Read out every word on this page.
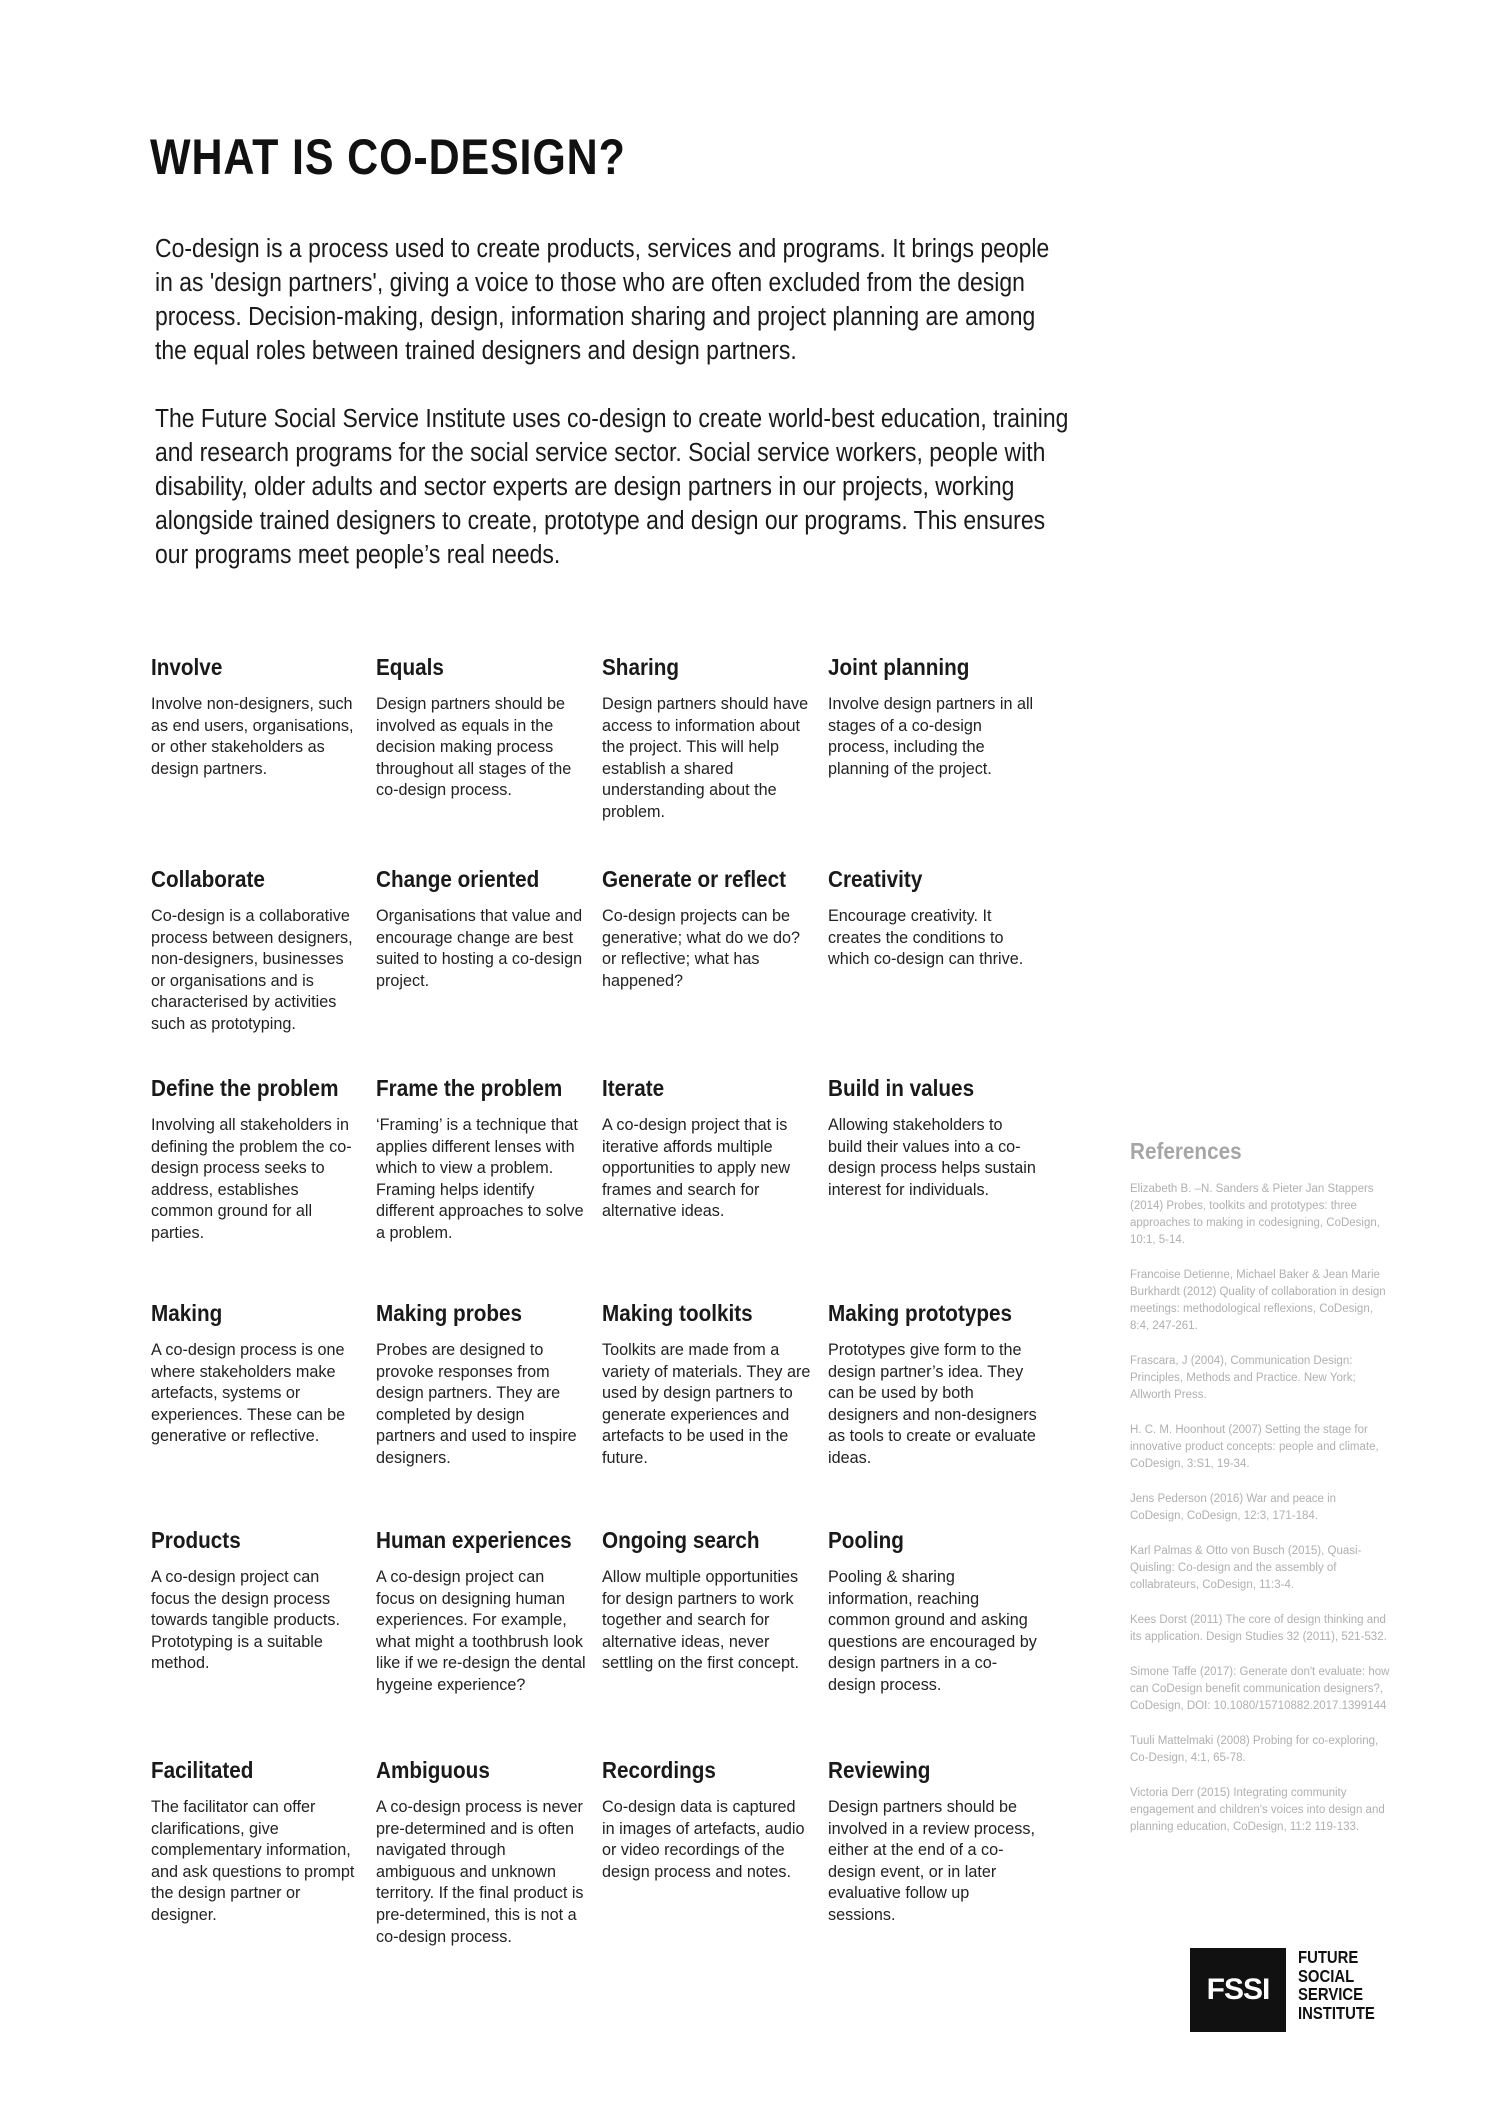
WHAT IS CO-DESIGN?

Co-design is a process used to create products, services and programs. It brings people in as 'design partners', giving a voice to those who are often excluded from the design process. Decision-making, design, information sharing and project planning are among the equal roles between trained designers and design partners.

The Future Social Service Institute uses co-design to create world-best education, training and research programs for the social service sector. Social service workers, people with disability, older adults and sector experts are design partners in our projects, working alongside trained designers to create, prototype and design our programs. This ensures our programs meet people’s real needs.

Involve

Involve non-designers, such as end users, organisations, or other stakeholders as design partners.

Equals

Design partners should be involved as equals in the decision making process throughout all stages of the co-design process.

Sharing

Design partners should have access to information about the project. This will help establish a shared understanding about the problem.

Joint planning

Involve design partners in all stages of a co-design process, including the planning of the project.

Collaborate

Co-design is a collaborative process between designers, non-designers, businesses or organisations and is characterised by activities such as prototyping.

Change oriented

Organisations that value and encourage change are best suited to hosting a co-design project.

Generate or reflect

Co-design projects can be generative; what do we do? or reflective; what has happened?

Creativity

Encourage creativity. It creates the conditions to which co-design can thrive.

Define the problem

Involving all stakeholders in defining the problem the co-design process seeks to address, establishes common ground for all parties.

Frame the problem

‘Framing’ is a technique that applies different lenses with which to view a problem. Framing helps identify different approaches to solve a problem.

Iterate

A co-design project that is iterative affords multiple opportunities to apply new frames and search for alternative ideas.

Build in values

Allowing stakeholders to build their values into a co-design process helps sustain interest for individuals.

Making

A co-design process is one where stakeholders make artefacts, systems or experiences. These can be generative or reflective.

Making probes

Probes are designed to provoke responses from design partners. They are completed by design partners and used to inspire designers.

Making toolkits

Toolkits are made from a variety of materials. They are used by design partners to generate experiences and artefacts to be used in the future.

Making prototypes

Prototypes give form to the design partner’s idea. They can be used by both designers and non-designers as tools to create or evaluate ideas.

Products

A co-design project can focus the design process towards tangible products. Prototyping is a suitable method.

Human experiences

A co-design project can focus on designing human experiences. For example, what might a toothbrush look like if we re-design the dental hygeine experience?

Ongoing search

Allow multiple opportunities for design partners to work together and search for alternative ideas, never settling on the first concept.

Pooling

Pooling & sharing information, reaching common ground and asking questions are encouraged by design partners in a co-design process.

Facilitated

The facilitator can offer clarifications, give complementary information, and ask questions to prompt the design partner or designer.

Ambiguous

A co-design process is never pre-determined and is often navigated through ambiguous and unknown territory. If the final product is pre-determined, this is not a co-design process.

Recordings

Co-design data is captured in images of artefacts, audio or video recordings of the design process and notes.

Reviewing

Design partners should be involved in a review process, either at the end of a co-design event, or in later evaluative follow up sessions.

References
Elizabeth B. –N. Sanders & Pieter Jan Stappers (2014) Probes, toolkits and prototypes: three approaches to making in codesigning, CoDesign, 10:1, 5-14.
Francoise Detienne, Michael Baker & Jean Marie Burkhardt (2012) Quality of collaboration in design meetings: methodological reflexions, CoDesign, 8:4, 247-261.
Frascara, J (2004), Communication Design: Principles, Methods and Practice. New York; Allworth Press.
H. C. M. Hoonhout (2007) Setting the stage for innovative product concepts: people and climate, CoDesign, 3:S1, 19-34.
Jens Pederson (2016) War and peace in CoDesign, CoDesign, 12:3, 171-184.
Karl Palmas & Otto von Busch (2015), Quasi-Quisling: Co-design and the assembly of collabrateurs, CoDesign, 11:3-4.
Kees Dorst (2011) The core of design thinking and its application. Design Studies 32 (2011), 521-532.
Simone Taffe (2017): Generate don't evaluate: how can CoDesign benefit communication designers?, CoDesign, DOI: 10.1080/15710882.2017.1399144
Tuuli Mattelmaki (2008) Probing for co-exploring, Co-Design, 4:1, 65-78.
Victoria Derr (2015) Integrating community engagement and children's voices into design and planning education, CoDesign, 11:2 119-133.
FSSI
FUTURE
SOCIAL
SERVICE
INSTITUTE
